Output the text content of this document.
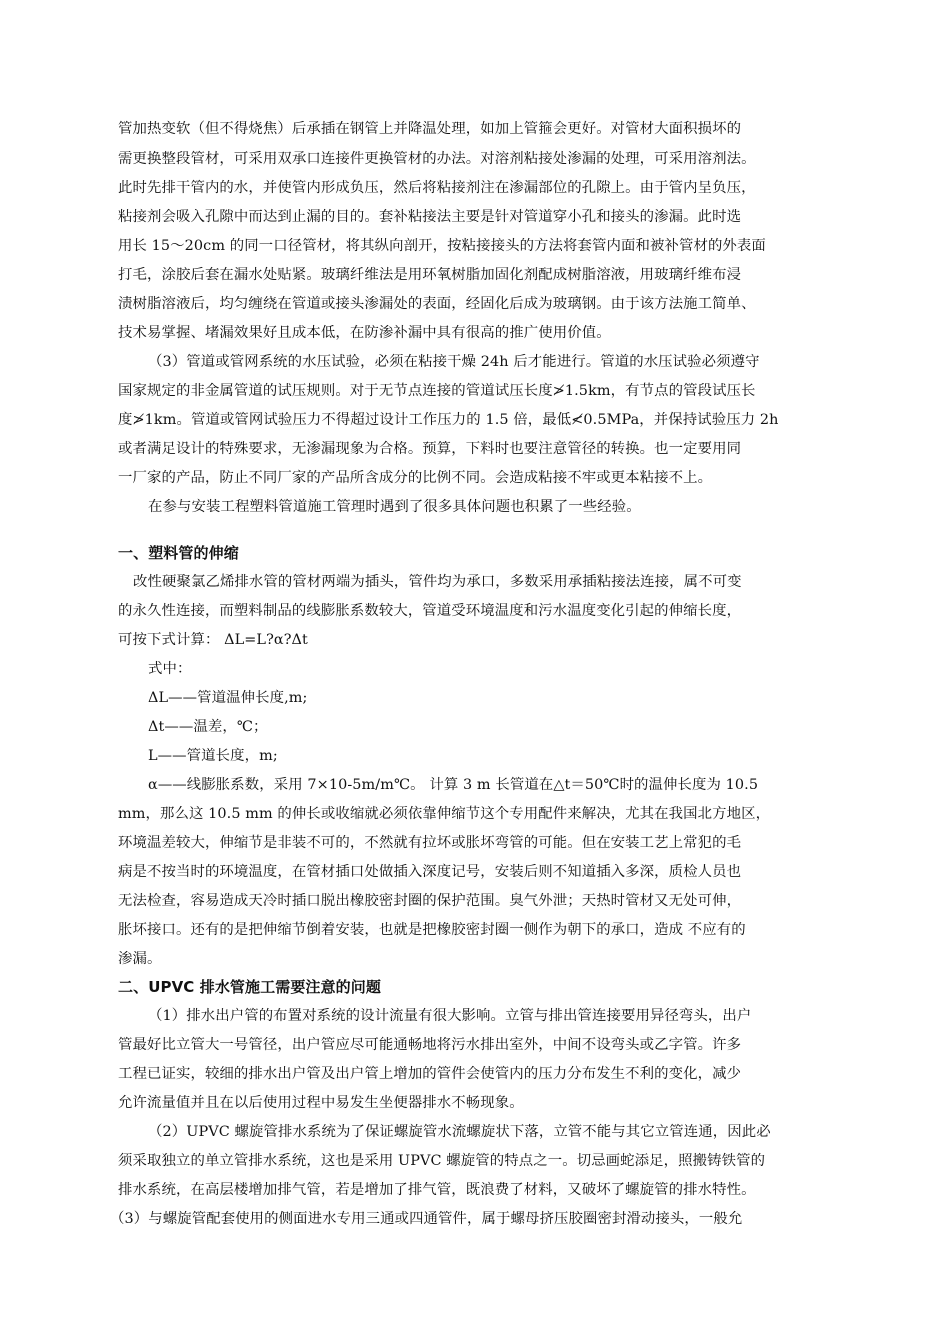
管加热变软（但不得烧焦）后承插在钢管上并降温处理，如加上管箍会更好。对管材大面积损坏的
需更换整段管材，可采用双承口连接件更换管材的办法。对溶剂粘接处渗漏的处理，可采用溶剂法。
此时先排干管内的水，并使管内形成负压，然后将粘接剂注在渗漏部位的孔隙上。由于管内呈负压，
粘接剂会吸入孔隙中而达到止漏的目的。套补粘接法主要是针对管道穿小孔和接头的渗漏。此时选
用长 15～20cm 的同一口径管材，将其纵向剖开，按粘接接头的方法将套管内面和被补管材的外表面
打毛，涂胶后套在漏水处贴紧。玻璃纤维法是用环氧树脂加固化剂配成树脂溶液，用玻璃纤维布浸
渍树脂溶液后，均匀缠绕在管道或接头渗漏处的表面，经固化后成为玻璃钢。由于该方法施工简单、
技术易掌握、堵漏效果好且成本低，在防渗补漏中具有很高的推广使用价值。
（3）管道或管网系统的水压试验，必须在粘接干燥 24h 后才能进行。管道的水压试验必须遵守
国家规定的非金属管道的试压规则。对于无节点连接的管道试压长度≯1.5km，有节点的管段试压长
度≯1km。管道或管网试验压力不得超过设计工作压力的 1.5 倍，最低≮0.5MPa，并保持试验压力 2h
或者满足设计的特殊要求，无渗漏现象为合格。预算，下料时也要注意管径的转换。也一定要用同
一厂家的产品，防止不同厂家的产品所含成分的比例不同。会造成粘接不牢或更本粘接不上。
在参与安装工程塑料管道施工管理时遇到了很多具体问题也积累了一些经验。
一、塑料管的伸缩
改性硬聚氯乙烯排水管的管材两端为插头，管件均为承口，多数采用承插粘接法连接，属不可变
的永久性连接，而塑料制品的线膨胀系数较大，管道受环境温度和污水温度变化引起的伸缩长度，
可按下式计算： ΔL=L?α?Δt
式中：
ΔL——管道温伸长度,m;
Δt——温差，℃；
L——管道长度，m;
α——线膨胀系数，采用 7×10-5m/m℃。 计算 3 m 长管道在△t＝50℃时的温伸长度为 10.5
mm，那么这 10.5 mm 的伸长或收缩就必须依靠伸缩节这个专用配件来解决，尤其在我国北方地区，
环境温差较大，伸缩节是非装不可的，不然就有拉坏或胀坏弯管的可能。但在安装工艺上常犯的毛
病是不按当时的环境温度，在管材插口处做插入深度记号，安装后则不知道插入多深，质检人员也
无法检查，容易造成天冷时插口脱出橡胶密封圈的保护范围。臭气外泄；天热时管材又无处可伸，
胀坏接口。还有的是把伸缩节倒着安装，也就是把橡胶密封圈一侧作为朝下的承口，造成 不应有的
渗漏。
二、UPVC 排水管施工需要注意的问题
（1）排水出户管的布置对系统的设计流量有很大影响。立管与排出管连接要用异径弯头，出户
管最好比立管大一号管径，出户管应尽可能通畅地将污水排出室外，中间不设弯头或乙字管。许多
工程已证实，较细的排水出户管及出户管上增加的管件会使管内的压力分布发生不利的变化，减少
允许流量值并且在以后使用过程中易发生坐便器排水不畅现象。
（2）UPVC 螺旋管排水系统为了保证螺旋管水流螺旋状下落，立管不能与其它立管连通，因此必
须采取独立的单立管排水系统，这也是采用 UPVC 螺旋管的特点之一。切忌画蛇添足，照搬铸铁管的
排水系统，在高层楼增加排气管，若是增加了排气管，既浪费了材料，又破坏了螺旋管的排水特性。
（3）与螺旋管配套使用的侧面进水专用三通或四通管件，属于螺母挤压胶圈密封滑动接头，一般允
